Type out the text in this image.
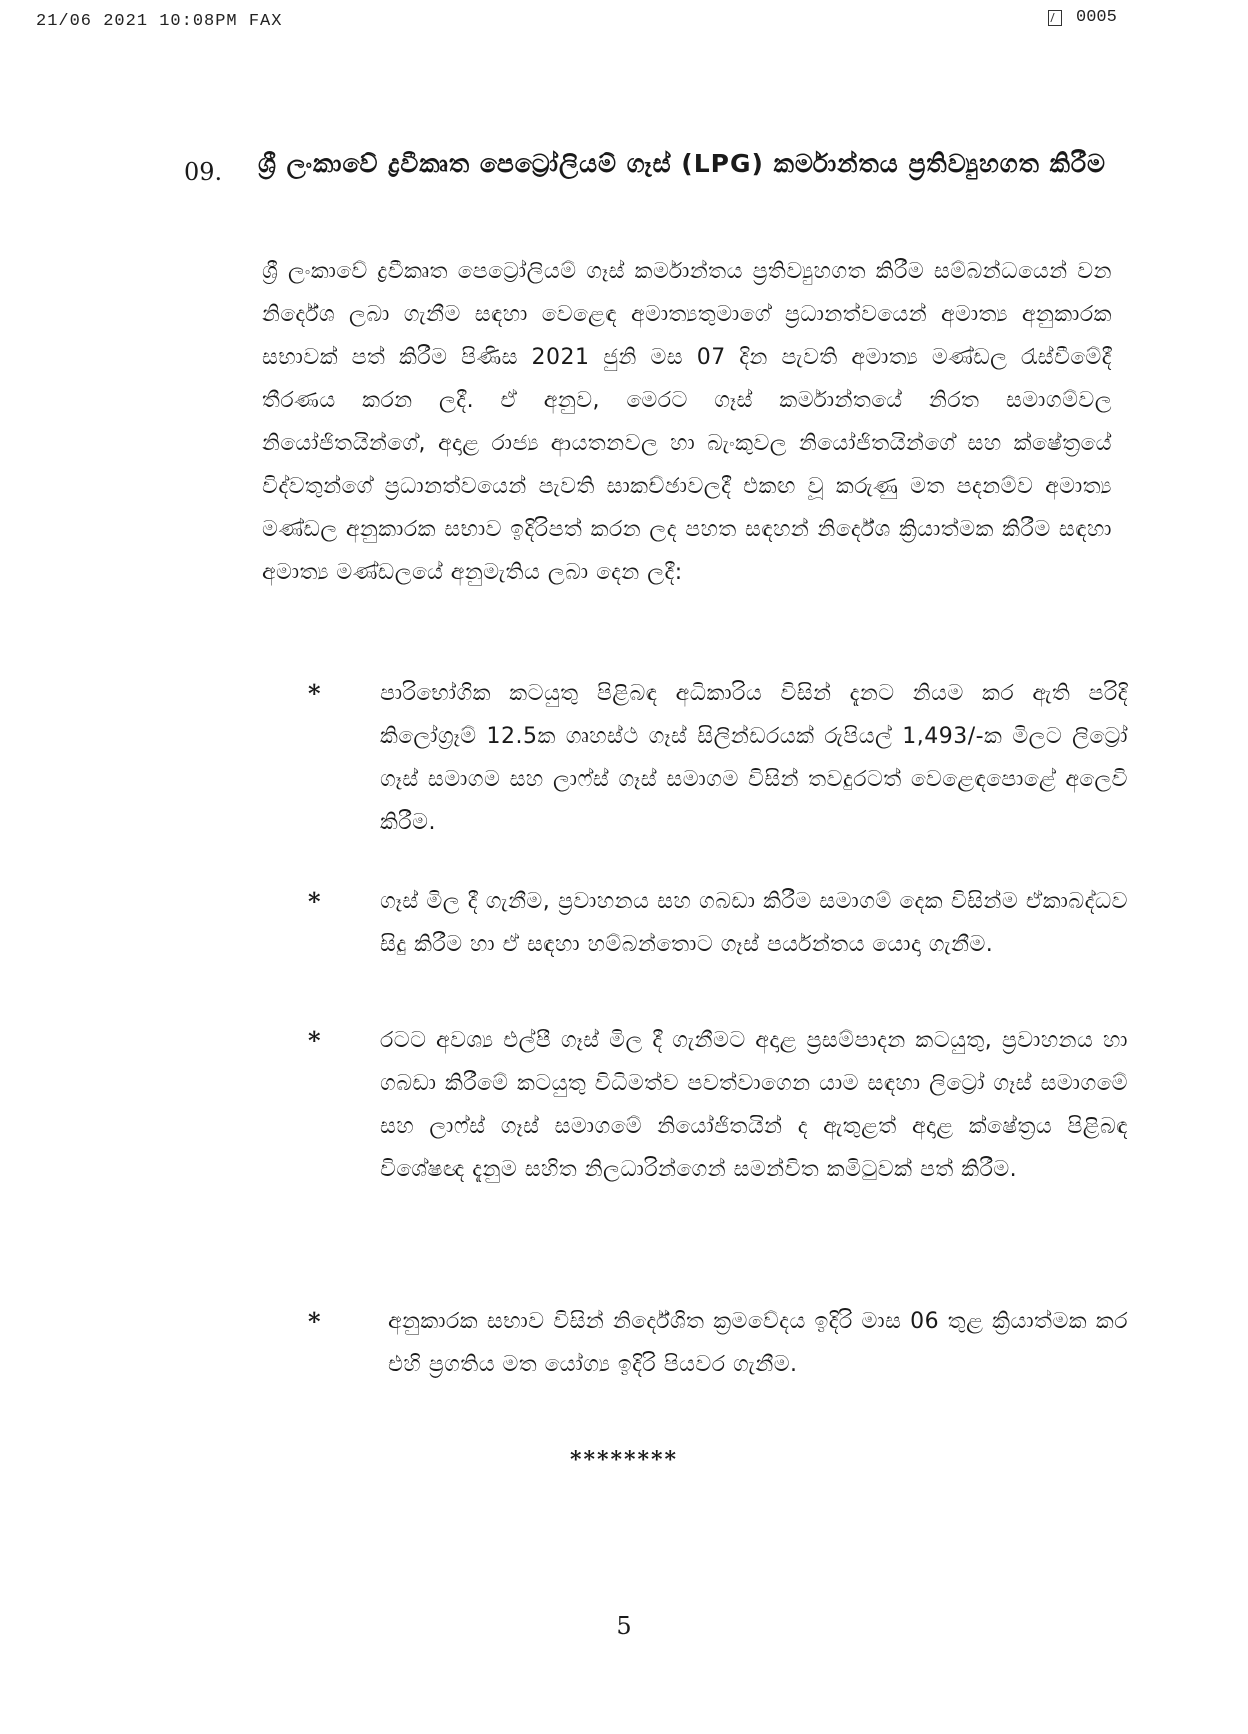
21/06 2021 10:08PM FAX	0005
09. ශ්‍රී ලංකාවේ ද්‍රවීකෘත පෙට්‍රෝලියම් ගෑස් (LPG) කර්මාන්තය ප්‍රතිව්‍යුහගත කිරීම
ශ්‍රී ලංකාවේ ද්‍රවීකෘත පෙට්‍රෝලියම් ගෑස් කර්මාන්තය ප්‍රතිව්‍යුහගත කිරීම සම්බන්ධයෙන් වන නිර්දේශ ලබා ගැනීම සඳහා වෙළෙඳ අමාත්‍යතුමාගේ ප්‍රධානත්වයෙන් අමාත්‍ය අනුකාරක සභාවක් පත් කිරීම පිණිස 2021 ජුනි මස 07 දින පැවති අමාත්‍ය මණ්ඩල රැස්වීමේදී තීරණය කරන ලදී. ඒ අනුව, මෙරට ගෑස් කර්මාන්තයේ නිරත සමාගම්වල නියෝජිතයින්ගේ, අදාළ රාජ්‍ය ආයතනවල හා බැංකුවල නියෝජිතයින්ගේ සහ ක්ෂේත්‍රයේ විද්වතුන්ගේ ප්‍රධානත්වයෙන් පැවති සාකච්ඡාවලදී එකඟ වූ කරුණු මත පදනම්ව අමාත්‍ය මණ්ඩල අනුකාරක සභාව ඉදිරිපත් කරන ලද පහත සඳහන් නිර්දේශ ක්‍රියාත්මක කිරීම සඳහා අමාත්‍ය මණ්ඩලයේ අනුමැතිය ලබා දෙන ලදී:
*	පාරිභෝගික කටයුතු පිළිබඳ අධිකාරිය විසින් දැනට නියම කර ඇති පරිදි කිලෝග්‍රෑම් 12.5ක ගෘහස්ථ ගෑස් සිලින්ඩරයක් රුපියල් 1,493/-ක මිලට ලිට්‍රෝ ගෑස් සමාගම සහ ලාෆ්ස් ගෑස් සමාගම විසින් තවදුරටත් වෙළෙඳපොළේ අලෙවි කිරීම.
*	ගෑස් මිල දී ගැනීම, ප්‍රවාහනය සහ ගබඩා කිරීම සමාගම් දෙක විසින්ම ඒකාබද්ධව සිදු කිරීම හා ඒ සඳහා හම්බන්තොට ගෑස් පර්යන්තය යොදා ගැනීම.
*	රටට අවශ්‍ය එල්පී ගෑස් මිල දී ගැනීමට අදාළ ප්‍රසම්පාදන කටයුතු, ප්‍රවාහනය හා ගබඩා කිරීමේ කටයුතු විධිමත්ව පවත්වාගෙන යාම සඳහා ලිට්‍රෝ ගෑස් සමාගමේ සහ ලාෆ්ස් ගෑස් සමාගමේ නියෝජිතයින් ද ඇතුළත් අදාළ ක්ෂේත්‍රය පිළිබඳ විශේෂඥ දැනුම සහිත නිලධාරින්ගෙන් සමන්විත කමිටුවක් පත් කිරීම.
*	අනුකාරක සභාව විසින් නිර්දේශිත ක්‍රමවේදය ඉදිරි මාස 06 තුළ ක්‍රියාත්මක කර එහි ප්‍රගතිය මත යෝග්‍ය ඉදිරි පියවර ගැනීම.
********
5
